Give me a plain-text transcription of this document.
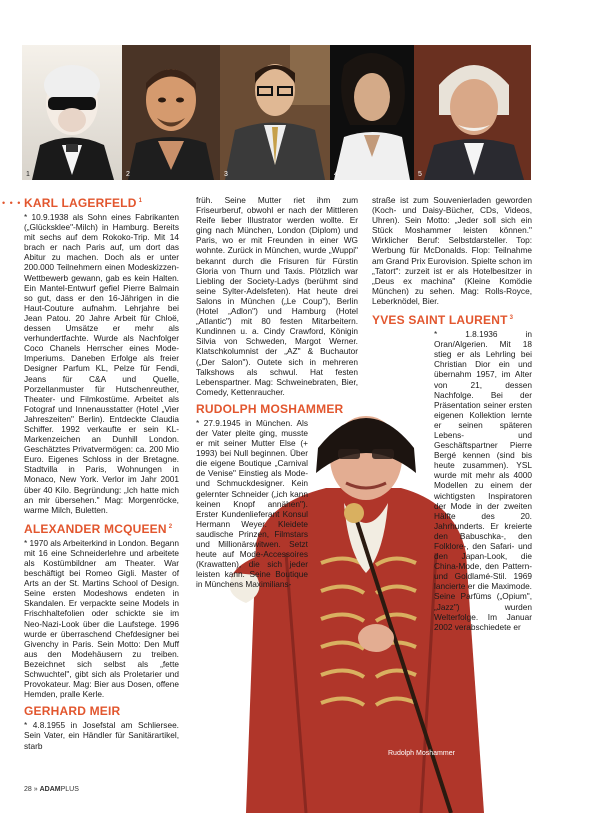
1	2	3	4	5
• • • KARL LAGERFELD $^1$

* 10.9.1938 als Sohn eines Fabrikanten („Glücksklee"-Milch) in Hamburg. Bereits mit sechs auf dem Rokoko-Trip. Mit 14 brach er nach Paris auf, um dort das Abitur zu machen. Doch als er unter 200.000 Teilnehmern einen Modeskizzen-Wettbewerb gewann, gab es kein Halten. Ein Mantel-Entwurf gefiel Pierre Balmain so gut, dass er den 16-Jährigen in die Haut-Couture aufnahm. Lehrjahre bei Jean Patou. 20 Jahre Arbeit für Chloë, dessen Umsätze er mehr als verhundertfachte. Wurde als Nachfolger Coco Chanels Herrscher eines Mode-Imperiums. Daneben Erfolge als freier Designer Parfum KL, Pelze für Fendi, Jeans für C&A und Quelle, Porzellanmuster für Hutschenreuther, Theater- und Filmkostüme. Arbeitet als Fotograf und Innenausstatter (Hotel „Vier Jahreszeiten" Berlin). Entdeckte Claudia Schiffer. 1992 verkaufte er sein KL-Markenzeichen an Dunhill London. Geschätztes Privatvermögen: ca. 200 Mio Euro. Eigenes Schloss in der Bretagne. Stadtvilla in Paris, Wohnungen in Monaco, New York. Verlor im Jahr 2001 über 40 Kilo. Begründung: „Ich hatte mich an mir übersehen." Mag: Morgenröcke, warme Milch, Buletten.

ALEXANDER MCQUEEN $^2$

* 1970 als Arbeiterkind in London. Begann mit 16 eine Schneiderlehre und arbeitete als Kostümbildner am Theater. War beschäftigt bei Romeo Gigli. Master of Arts an der St. Martins School of Design. Seine ersten Modeshows endeten in Skandalen. Er verpackte seine Models in Frischhaltefolien oder schickte sie im Neo-Nazi-Look über die Laufstege. 1996 wurde er überraschend Chefdesigner bei Givenchy in Paris. Sein Motto: Den Muff aus den Modehäusern zu treiben. Bezeichnet sich selbst als „fette Schwuchtel", gibt sich als Proletarier und Provokateur. Mag: Bier aus Dosen, offene Hemden, pralle Kerle.

GERHARD MEIR

* 4.8.1955 in Josefstal am Schliersee. Sein Vater, ein Händler für Sanitärartikel, starb

früh. Seine Mutter riet ihm zum Friseurberuf, obwohl er nach der Mittleren Reife lieber Illustrator werden wollte. Er ging nach München, London (Diplom) und Paris, wo er mit Freunden in einer WG wohnte. Zurück in München, wurde „Wuppi" bekannt durch die Frisuren für Fürstin Gloria von Thurn und Taxis. Plötzlich war Liebling der Society-Ladys (berühmt sind seine Sylter-Adelsfeten). Hat heute drei Salons in München („Le Coup"), Berlin (Hotel „Adlon") und Hamburg (Hotel „Atlantic") mit 80 festen Mitarbeitern. Kundinnen u. a. Cindy Crawford, Königin Silvia von Schweden, Margot Werner. Klatschkolumnist der „AZ" & Buchautor („Der Salon"). Outete sich in mehreren Talkshows als schwul. Hat festen Lebenspartner. Mag: Schweinebraten, Bier, Comedy, Kettenraucher.

RUDOLPH MOSHAMMER

* 27.9.1945 in München. Als der Vater pleite ging, musste er mit seiner Mutter Else (+ 1993) bei Null beginnen. Über die eigene Boutique „Carnival de Venise" Einstieg als Mode- und Schmuckdesigner. Kein gelernter Schneider („ich kann keinen Knopf annähen"). Erster Kundenlieferant Konsul Hermann Weyer. Kleidete saudische Prinzen, Filmstars und Millionärswitwen. Setzt heute auf Mode-Accessoires (Krawatten), die sich jeder leisten kann. Seine Boutique in Münchens Maximilians-

straße ist zum Souvenierladen geworden (Koch- und Daisy-Bücher, CDs, Videos, Uhren). Sein Motto: „Jeder soll sich ein Stück Moshammer leisten können." Wirklicher Beruf: Selbstdarsteller. Top: Werbung für McDonalds. Flop: Teilnahme am Grand Prix Eurovision. Spielte schon im „Tatort": zurzeit ist er als Hotelbesitzer in „Deus ex machina" (Kleine Komödie München) zu sehen. Mag: Rolls-Royce, Leberknödel, Bier.

YVES SAINT LAURENT $^3$

* 1.8.1936 in Oran/Algerien. Mit 18 stieg er als Lehrling bei Christian Dior ein und übernahm 1957, im Alter von 21, dessen Nachfolge. Bei der Präsentation seiner ersten eigenen Kollektion lernte er seinen späteren Lebens- und Geschäftspartner Pierre Bergé kennen (sind bis heute zusammen). YSL wurde mit mehr als 4000 Modellen zu einem der wichtigsten Inspiratoren der Mode in der zweiten Hälfte des 20. Jahrhunderts. Er kreierte den Babuschka-, den Folklore-, den Safari- und den Japan-Look, die China-Mode, den Pattern- und Goldlamé-Stil. 1969 lancierte er die Maximode. Seine Parfüms („Opium", „Jazz") wurden Welterfolge. Im Januar 2002 verabschiedete er

Rudolph Moshammer
28 » ADAMPLUS
